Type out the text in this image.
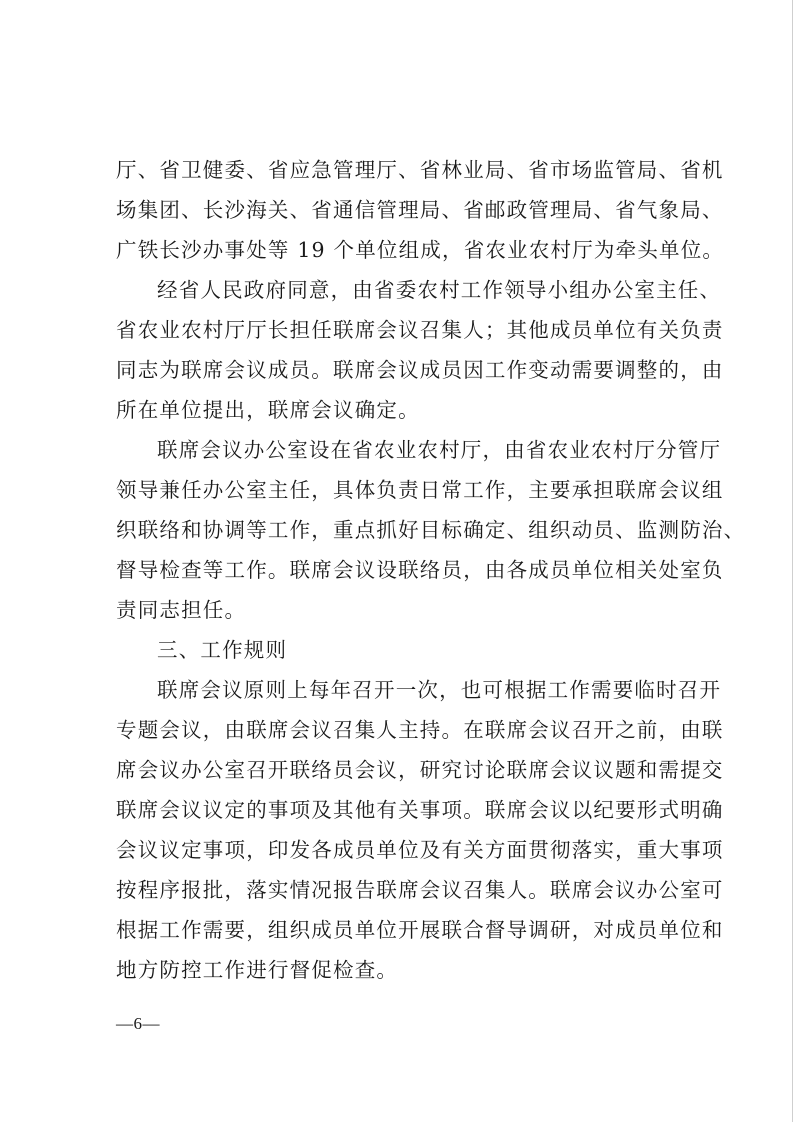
厅、省卫健委、省应急管理厅、省林业局、省市场监管局、省机
场集团、长沙海关、省通信管理局、省邮政管理局、省气象局、
广铁长沙办事处等 19 个单位组成，省农业农村厅为牵头单位。
经省人民政府同意，由省委农村工作领导小组办公室主任、
省农业农村厅厅长担任联席会议召集人；其他成员单位有关负责
同志为联席会议成员。联席会议成员因工作变动需要调整的，由
所在单位提出，联席会议确定。
联席会议办公室设在省农业农村厅，由省农业农村厅分管厅
领导兼任办公室主任，具体负责日常工作，主要承担联席会议组
织联络和协调等工作，重点抓好目标确定、组织动员、监测防治、
督导检查等工作。联席会议设联络员，由各成员单位相关处室负
责同志担任。
三、工作规则
联席会议原则上每年召开一次，也可根据工作需要临时召开
专题会议，由联席会议召集人主持。在联席会议召开之前，由联
席会议办公室召开联络员会议，研究讨论联席会议议题和需提交
联席会议议定的事项及其他有关事项。联席会议以纪要形式明确
会议议定事项，印发各成员单位及有关方面贯彻落实，重大事项
按程序报批，落实情况报告联席会议召集人。联席会议办公室可
根据工作需要，组织成员单位开展联合督导调研，对成员单位和
地方防控工作进行督促检查。
—6—
